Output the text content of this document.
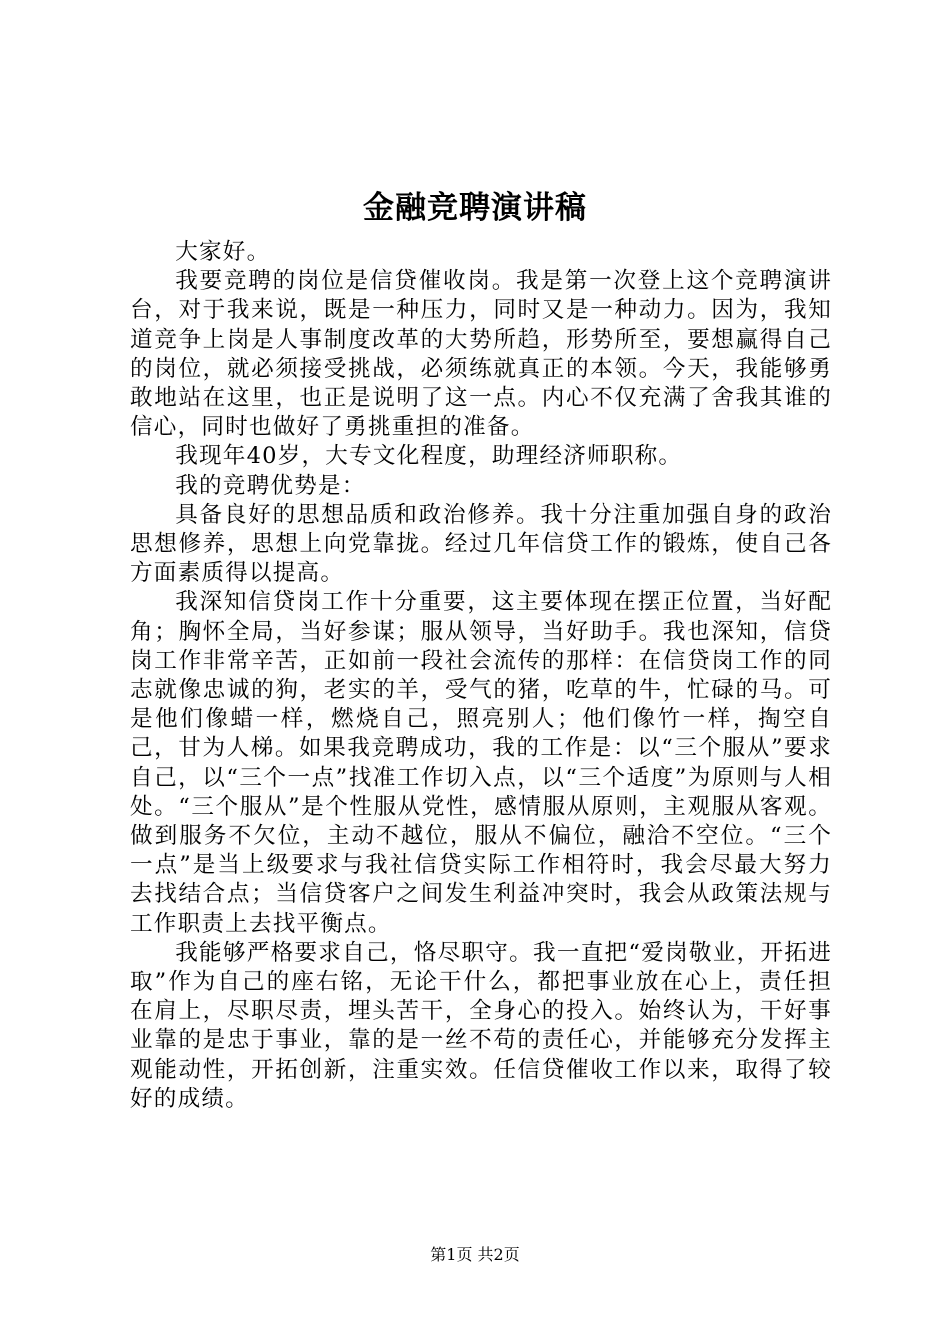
金融竞聘演讲稿

大家好。

我要竞聘的岗位是信贷催收岗。我是第一次登上这个竞聘演讲台，对于我来说，既是一种压力，同时又是一种动力。因为，我知道竞争上岗是人事制度改革的大势所趋，形势所至，要想赢得自己的岗位，就必须接受挑战，必须练就真正的本领。今天，我能够勇敢地站在这里，也正是说明了这一点。内心不仅充满了舍我其谁的信心，同时也做好了勇挑重担的准备。

我现年40岁，大专文化程度，助理经济师职称。

我的竞聘优势是：

具备良好的思想品质和政治修养。我十分注重加强自身的政治思想修养，思想上向党靠拢。经过几年信贷工作的锻炼，使自己各方面素质得以提高。

我深知信贷岗工作十分重要，这主要体现在摆正位置，当好配角；胸怀全局，当好参谋；服从领导，当好助手。我也深知，信贷岗工作非常辛苦，正如前一段社会流传的那样：在信贷岗工作的同志就像忠诚的狗，老实的羊，受气的猪，吃草的牛，忙碌的马。可是他们像蜡一样，燃烧自己，照亮别人；他们像竹一样，掏空自己，甘为人梯。如果我竞聘成功，我的工作是：以“三个服从”要求自己，以“三个一点”找准工作切入点，以“三个适度”为原则与人相处。“三个服从”是个性服从党性，感情服从原则，主观服从客观。做到服务不欠位，主动不越位，服从不偏位，融洽不空位。“三个一点”是当上级要求与我社信贷实际工作相符时，我会尽最大努力去找结合点；当信贷客户之间发生利益冲突时，我会从政策法规与工作职责上去找平衡点。

我能够严格要求自己，恪尽职守。我一直把“爱岗敬业，开拓进取”作为自己的座右铭，无论干什么，都把事业放在心上，责任担在肩上，尽职尽责，埋头苦干，全身心的投入。始终认为，干好事业靠的是忠于事业，靠的是一丝不苟的责任心，并能够充分发挥主观能动性，开拓创新，注重实效。任信贷催收工作以来，取得了较好的成绩。

第1页 共2页
